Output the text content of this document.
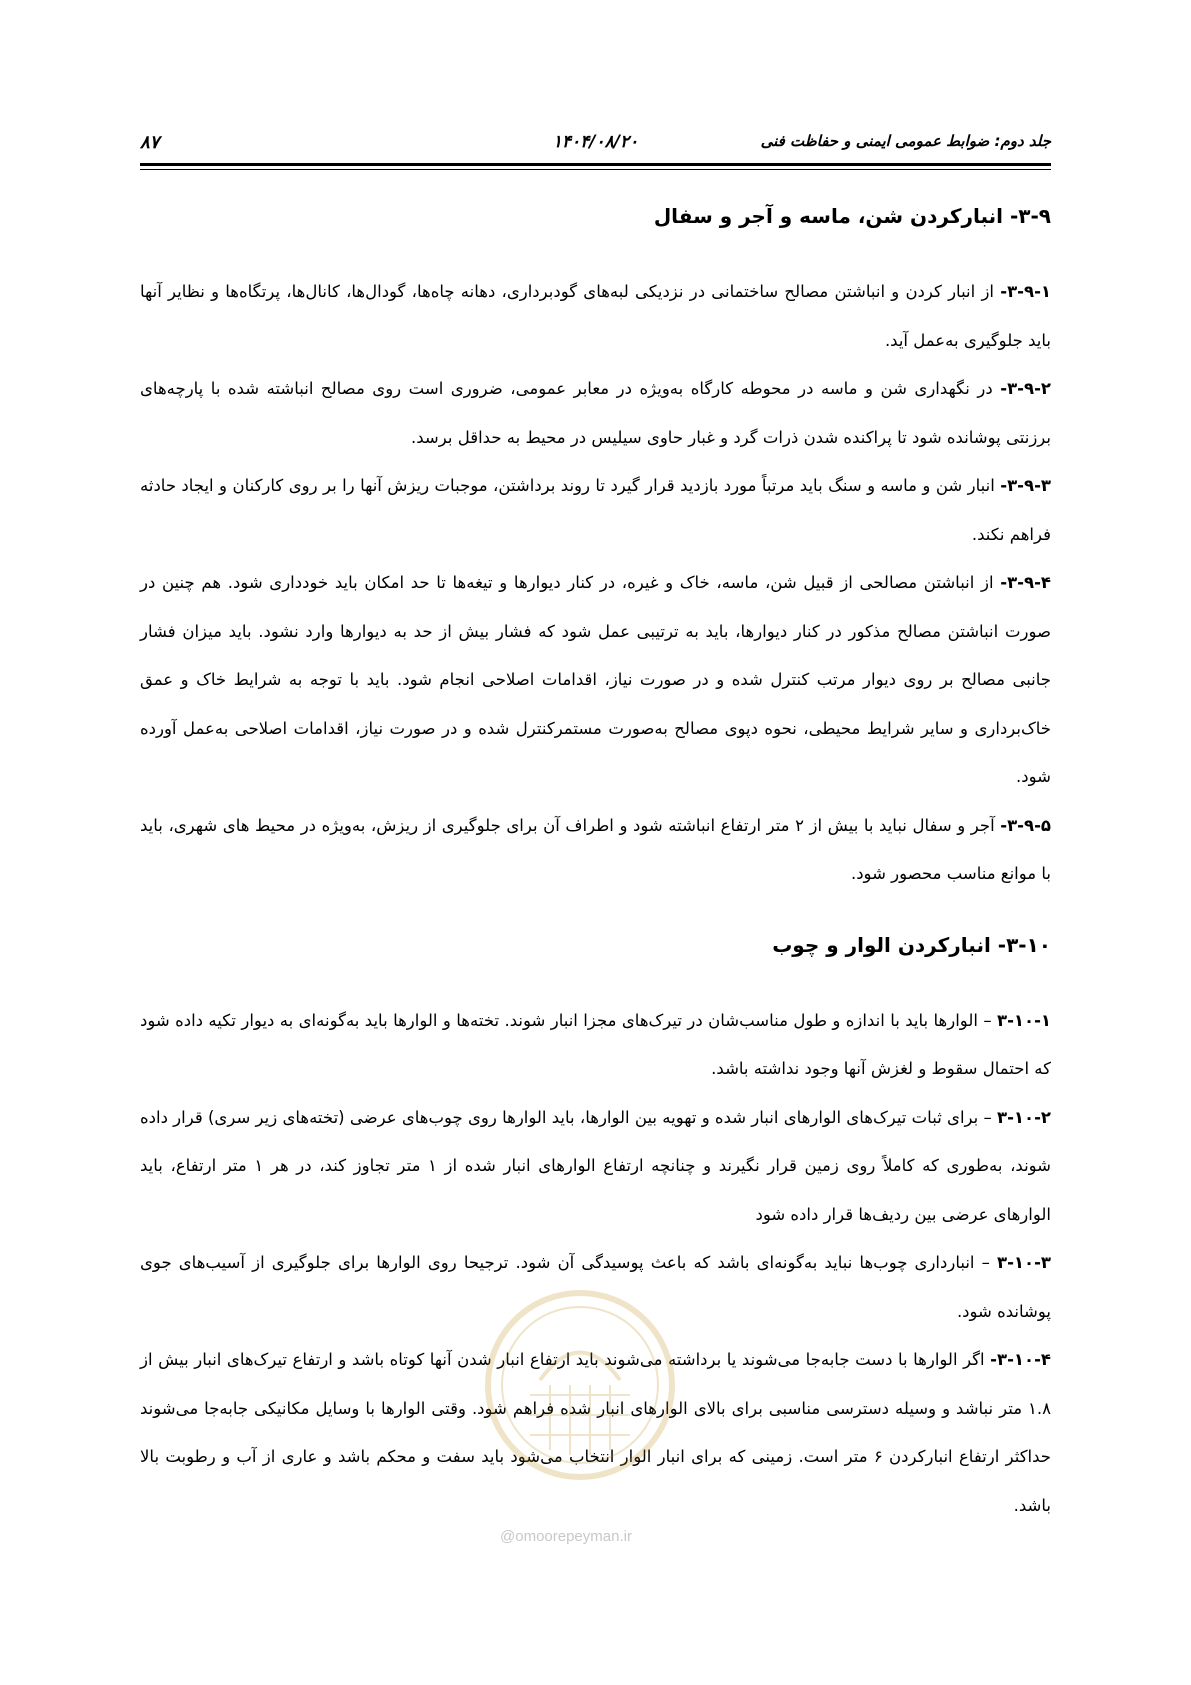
جلد دوم: ضوابط عمومی ایمنی و حفاظت فنی
۱۴۰۴/۰۸/۲۰
۸۷
۳-۹- انبارکردن شن، ماسه و آجر و سفال

۳-۹-۱- از انبار کردن و انباشتن مصالح ساختمانی در نزدیکی لبه‌های گودبرداری، دهانه چاه‌ها، گودال‌ها، کانال‌ها، پرتگاه‌ها و نظایر آنها باید جلوگیری به‌عمل آید.

۳-۹-۲- در نگهداری شن و ماسه در محوطه کارگاه به‌ویژه در معابر عمومی، ضروری است روی مصالح انباشته شده با پارچه‌های برزنتی پوشانده شود تا پراکنده شدن ذرات گرد و غبار حاوی سیلیس در محیط به حداقل برسد.

۳-۹-۳- انبار شن و ماسه و سنگ باید مرتباً مورد بازدید قرار گیرد تا روند برداشتن، موجبات ریزش آنها را بر روی کارکنان و ایجاد حادثه فراهم نکند.

۳-۹-۴- از انباشتن مصالحی از قبیل شن، ماسه، خاک و غیره، در کنار دیوارها و تیغه‌ها تا حد امکان باید خودداری شود. هم چنین در صورت انباشتن مصالح مذکور در کنار دیوارها، باید به ترتیبی عمل شود که فشار بیش از حد به دیوارها وارد نشود. باید میزان فشار جانبی مصالح بر روی دیوار مرتب کنترل شده و در صورت نیاز، اقدامات اصلاحی انجام شود. باید با توجه به شرایط خاک و عمق خاک‌برداری و سایر شرایط محیطی، نحوه دپوی مصالح به‌صورت مستمرکنترل شده و در صورت نیاز، اقدامات اصلاحی به‌عمل آورده شود.

۳-۹-۵- آجر و سفال نباید با بیش از ۲ متر ارتفاع انباشته شود و اطراف آن برای جلوگیری از ریزش، به‌ویژه در محیط های شهری، باید با موانع مناسب محصور شود.

۳-۱۰- انبارکردن الوار و چوب

۳-۱۰-۱ – الوارها باید با اندازه و طول مناسب‌شان در تیرک‌های مجزا انبار شوند. تخته‌ها و الوارها باید به‌گونه‌ای به دیوار تکیه داده شود که احتمال سقوط و لغزش آنها وجود نداشته باشد.

۳-۱۰-۲ – برای ثبات تیرک‌های الوارهای انبار شده و تهویه بین الوارها، باید الوارها روی چوب‌های عرضی (تخته‌های زیر سری) قرار داده شوند، به‌طوری که کاملاً روی زمین قرار نگیرند و چنانچه ارتفاع الوارهای انبار شده از ۱ متر تجاوز کند، در هر ۱ متر ارتفاع، باید الوارهای عرضی بین ردیف‌ها قرار داده شود

۳-۱۰-۳ – انبارداری چوب‌ها نباید به‌گونه‌ای باشد که باعث پوسیدگی آن شود. ترجیحا روی الوارها برای جلوگیری از آسیب‌های جوی پوشانده شود.

۳-۱۰-۴- اگر الوارها با دست جابه‌جا می‌شوند یا برداشته می‌شوند باید ارتفاع انبار شدن آنها کوتاه باشد و ارتفاع تیرک‌های انبار بیش از ۱.۸ متر نباشد و وسیله دسترسی مناسبی برای بالای الوارهای انبار شده فراهم شود. وقتی الوارها با وسایل مکانیکی جابه‌جا می‌شوند حداکثر ارتفاع انبارکردن ۶ متر است. زمینی که برای انبار الوار انتخاب می‌شود باید سفت و محکم باشد و عاری از آب و رطوبت بالا باشد.

@omoorepeyman.ir
